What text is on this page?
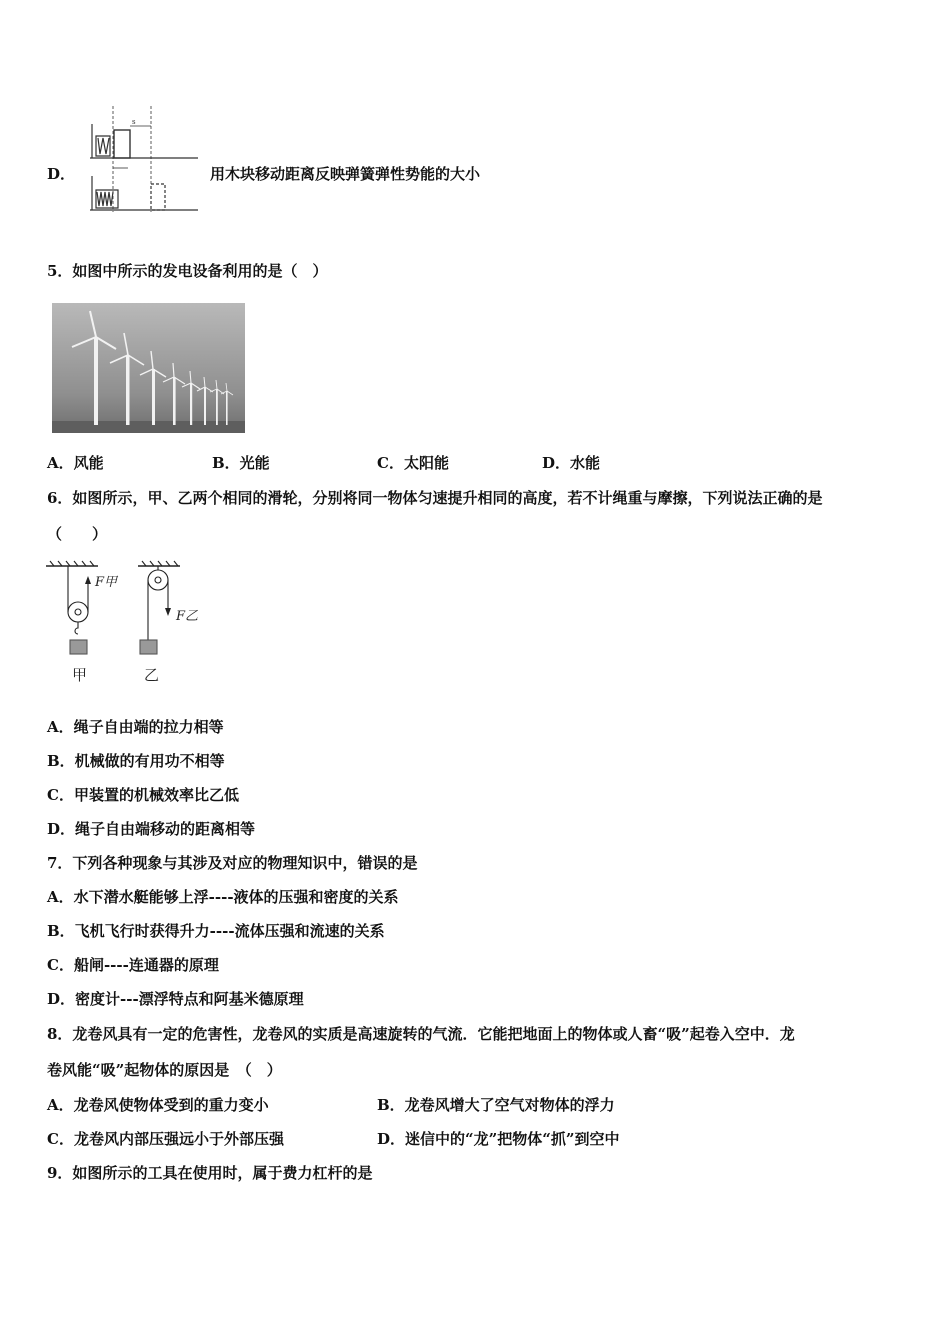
D．
s
用木块移动距离反映弹簧弹性势能的大小
5．如图中所示的发电设备利用的是（　）
A．风能	B．光能	C．太阳能	D．水能
6．如图所示，甲、乙两个相同的滑轮，分别将同一物体匀速提升相同的高度，若不计绳重与摩擦，下列说法正确的是
（　　）
F甲
F乙
甲	乙
A．绳子自由端的拉力相等
B．机械做的有用功不相等
C．甲装置的机械效率比乙低
D．绳子自由端移动的距离相等
7．下列各种现象与其涉及对应的物理知识中，错误的是
A．水下潜水艇能够上浮----液体的压强和密度的关系
B．飞机飞行时获得升力----流体压强和流速的关系
C．船闸----连通器的原理
D．密度计---漂浮特点和阿基米德原理
8．龙卷风具有一定的危害性，龙卷风的实质是高速旋转的气流．它能把地面上的物体或人畜“吸”起卷入空中．龙
卷风能“吸”起物体的原因是　（　）
A．龙卷风使物体受到的重力变小	B．龙卷风增大了空气对物体的浮力
C．龙卷风内部压强远小于外部压强	D．迷信中的“龙”把物体“抓”到空中
9．如图所示的工具在使用时，属于费力杠杆的是
